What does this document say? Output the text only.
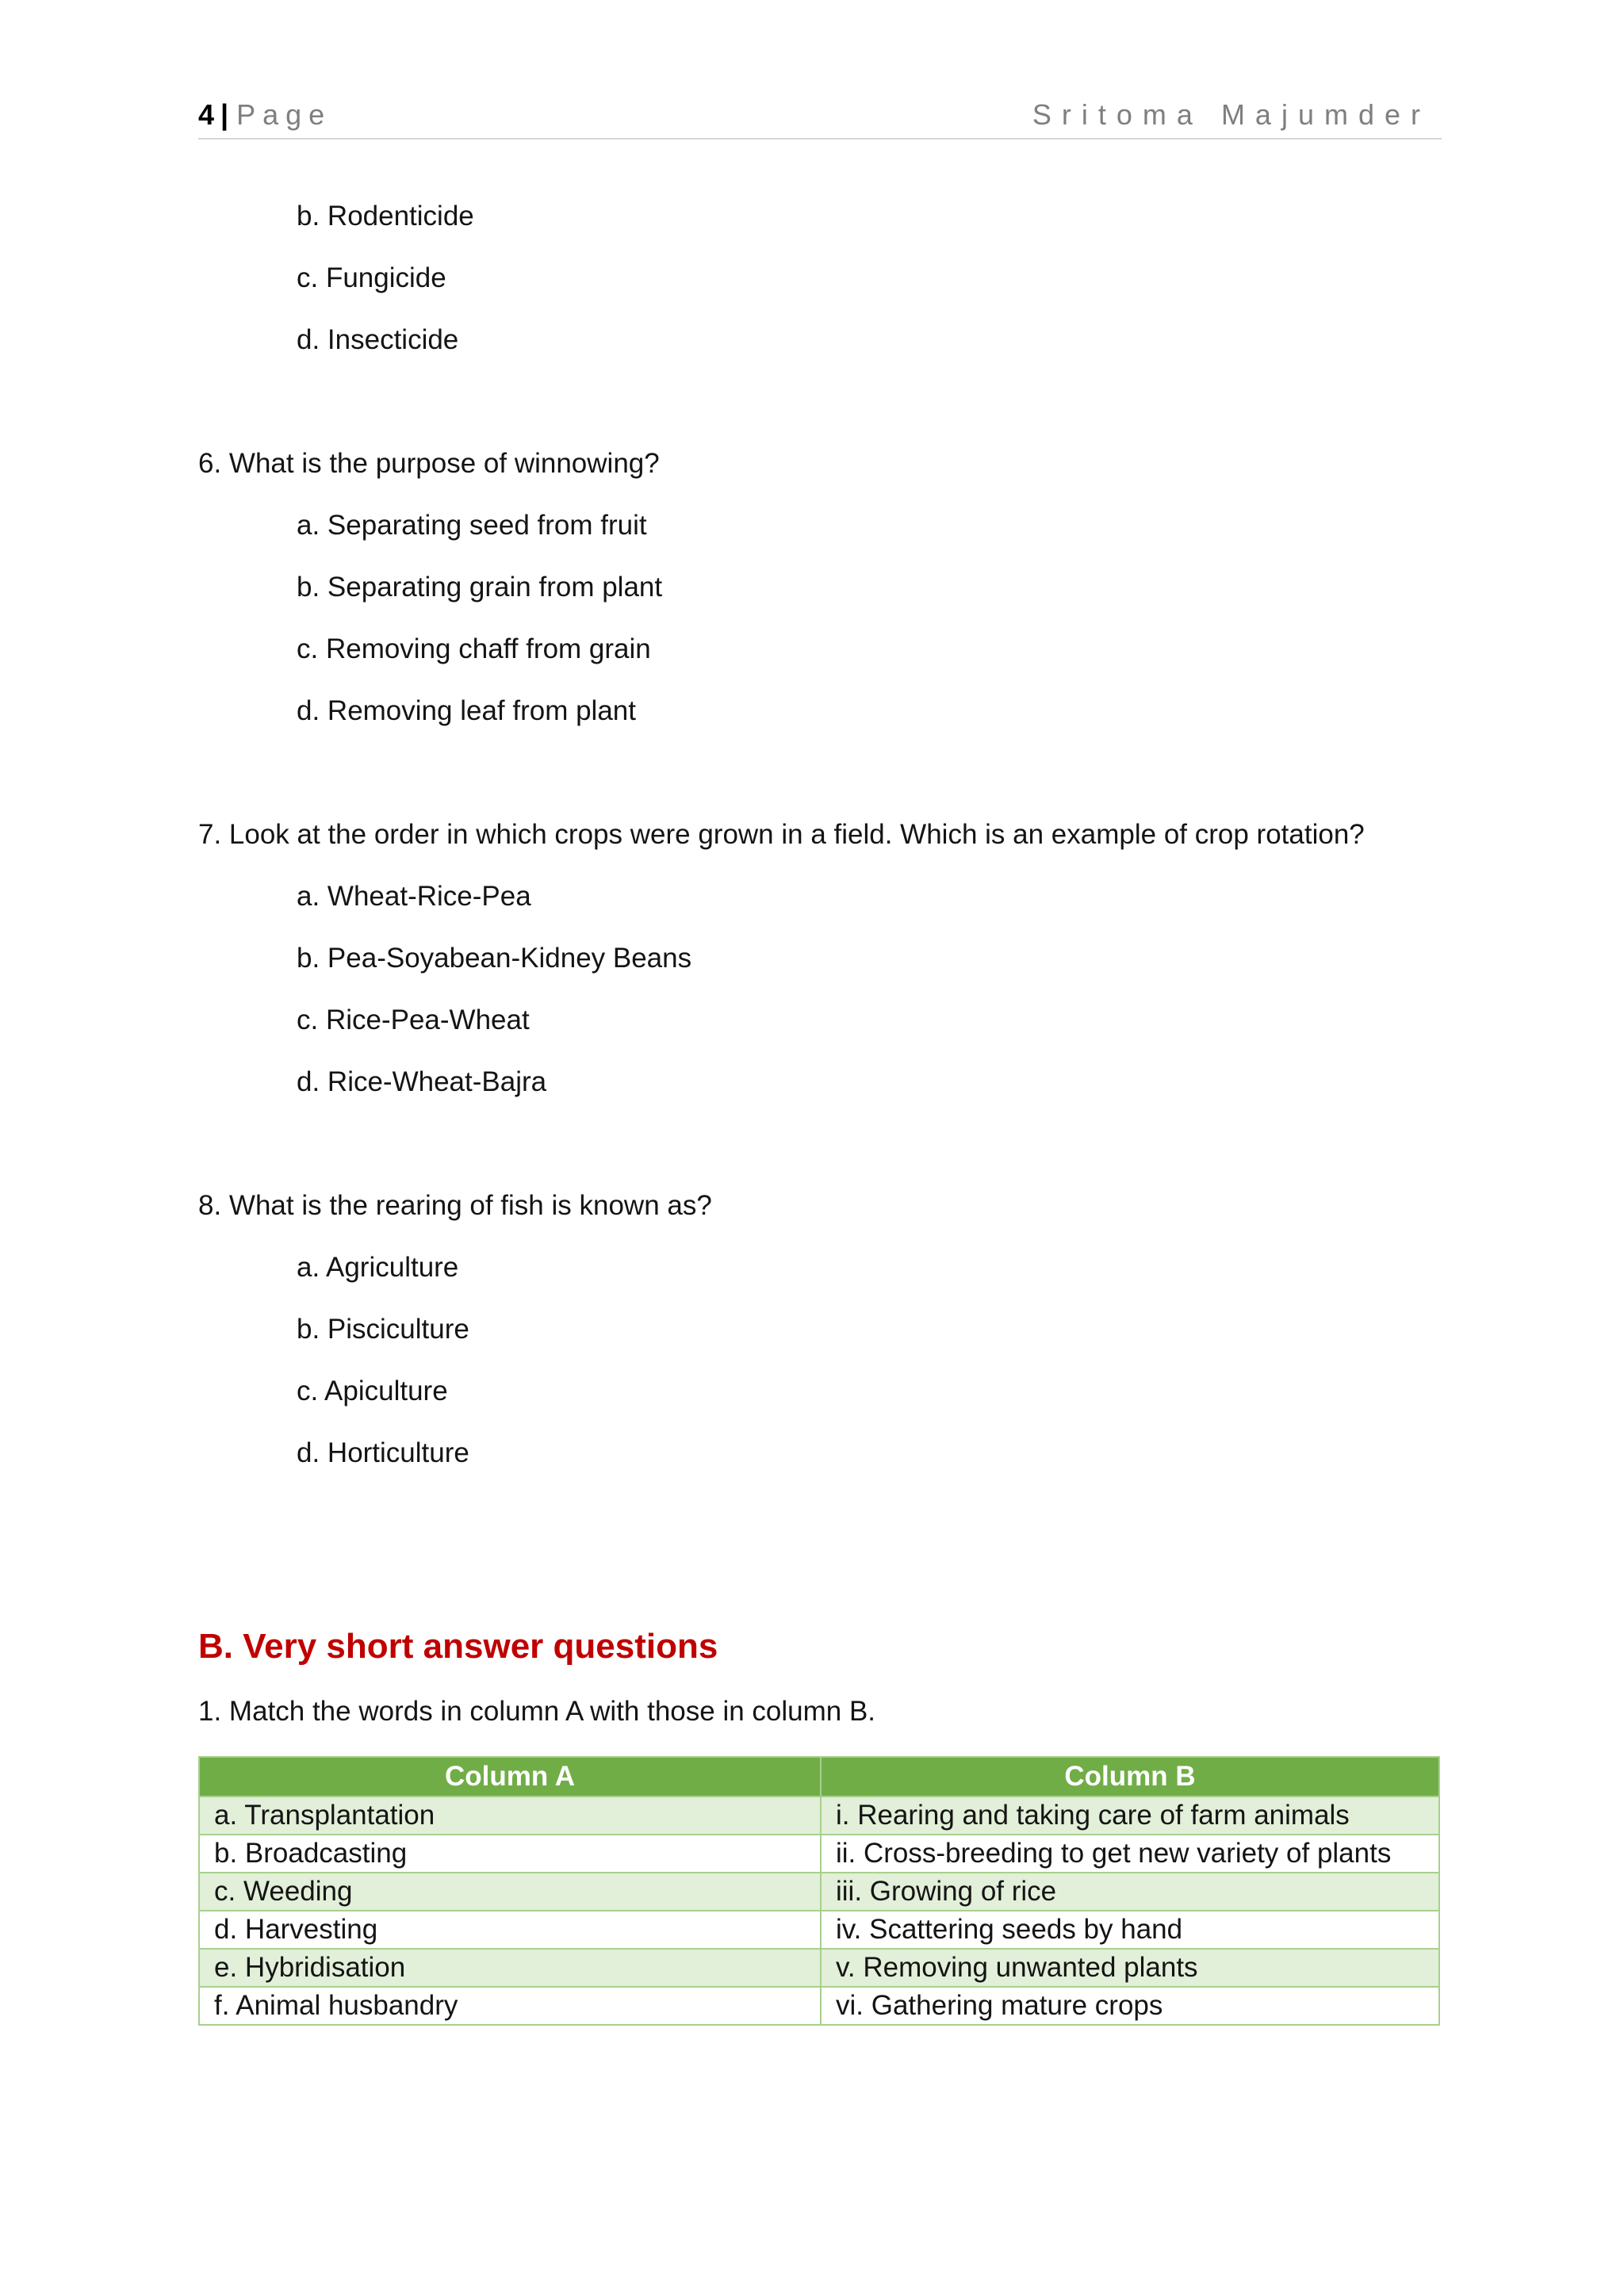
4 | Page	Sritoma Majumder
b. Rodenticide
c. Fungicide
d. Insecticide
6. What is the purpose of winnowing?
a. Separating seed from fruit
b. Separating grain from plant
c. Removing chaff from grain
d. Removing leaf from plant
7. Look at the order in which crops were grown in a field. Which is an example of crop rotation?
a. Wheat-Rice-Pea
b. Pea-Soyabean-Kidney Beans
c. Rice-Pea-Wheat
d. Rice-Wheat-Bajra
8. What is the rearing of fish is known as?
a. Agriculture
b. Pisciculture
c. Apiculture
d. Horticulture
B. Very short answer questions
1. Match the words in column A with those in column B.
Column A	Column B
a. Transplantation	i. Rearing and taking care of farm animals
b. Broadcasting	ii. Cross-breeding to get new variety of plants
c. Weeding	iii. Growing of rice
d. Harvesting	iv. Scattering seeds by hand
e. Hybridisation	v. Removing unwanted plants
f. Animal husbandry	vi. Gathering mature crops
